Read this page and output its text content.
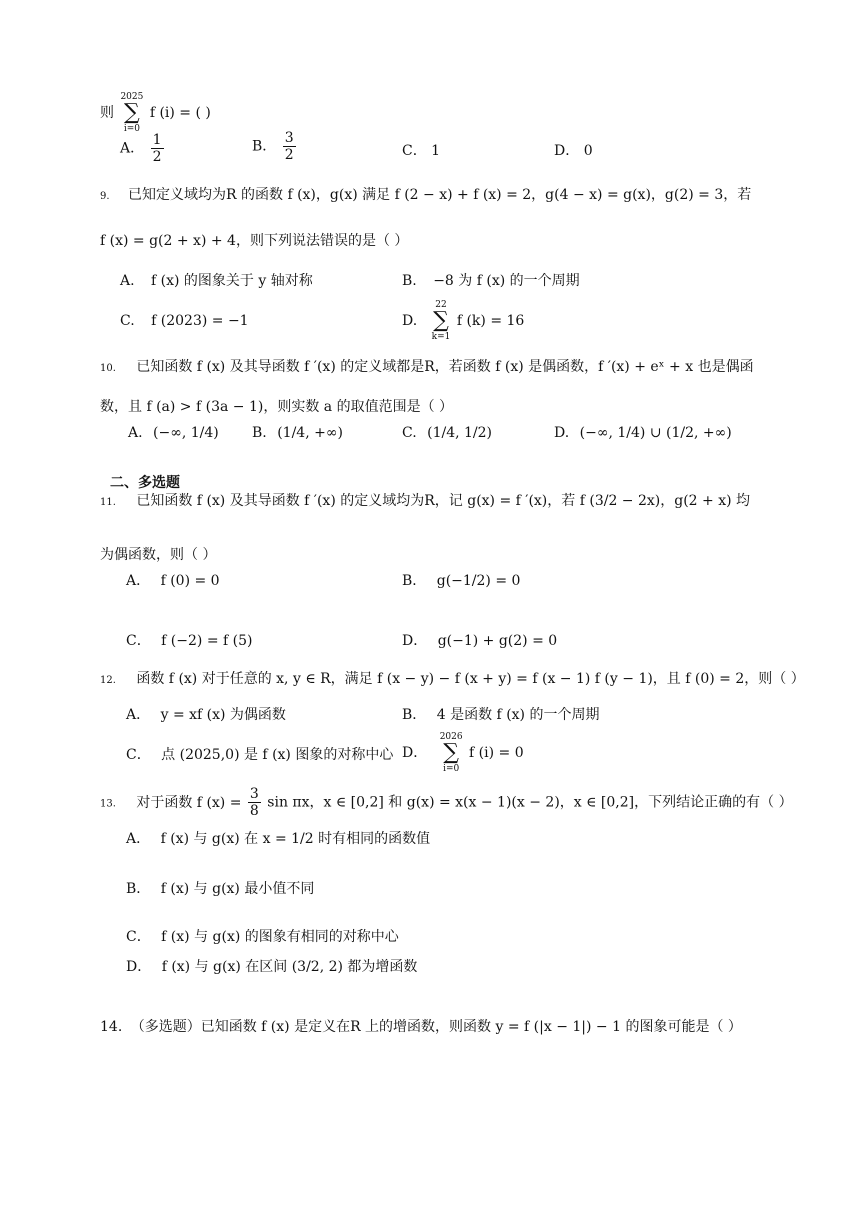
则 2025
∑
i=0 f (i) = ( )
A． $\frac{1}{2}$	B． $\frac{3}{2}$	C． 1	D． 0
9. 已知定义域均为R 的函数 f (x)，g(x) 满足 f (2 − x) + f (x) = 2，g(4 − x) = g(x)，g(2) = 3，若
f (x) = g(2 + x) + 4，则下列说法错误的是（ ）
A. f (x) 的图象关于 y 轴对称	B. −8 为 f (x) 的一个周期
C. f (2023) = −1	D. 22
∑
k=1 f (k) = 16
10. 已知函数 f (x) 及其导函数 f ′(x) 的定义域都是R，若函数 f (x) 是偶函数，f ′(x) + eˣ + x 也是偶函
数，且 f (a) > f (3a − 1)，则实数 a 的取值范围是（ ）
A. (−∞, 1/4) B. (1/4, +∞)	C. (1/4, 1/2)	D. (−∞, 1/4) ∪ (1/2, +∞)
二、多选题
11. 已知函数 f (x) 及其导函数 f ′(x) 的定义域均为R，记 g(x) = f ′(x)，若 f (3/2 − 2x)，g(2 + x) 均
为偶函数，则（ ）
A． f (0) = 0	B． g(−1/2) = 0
C． f (−2) = f (5)	D． g(−1) + g(2) = 0
12. 函数 f (x) 对于任意的 x, y ∈ R，满足 f (x − y) − f (x + y) = f (x − 1) f (y − 1)，且 f (0) = 2，则（ ）
A． y = xf (x) 为偶函数	B． 4 是函数 f (x) 的一个周期
C． 点 (2025,0) 是 f (x) 图象的对称中心 D． 2026
∑
i=0 f (i) = 0
13. 对于函数 f $(x) = \frac{3}{8}$ sin πx，x ∈ [0,2] 和 g(x) = x(x − 1)(x − 2)，x ∈ [0,2]，下列结论正确的有（ ）
A． f (x) 与 g(x) 在 x = 1/2 时有相同的函数值
B． f (x) 与 g(x) 最小值不同
C． f (x) 与 g(x) 的图象有相同的对称中心
D． f (x) 与 g(x) 在区间 (3/2, 2) 都为增函数
14. （多选题）已知函数 f (x) 是定义在R 上的增函数，则函数 y = f (|x − 1|) − 1 的图象可能是（ ）
